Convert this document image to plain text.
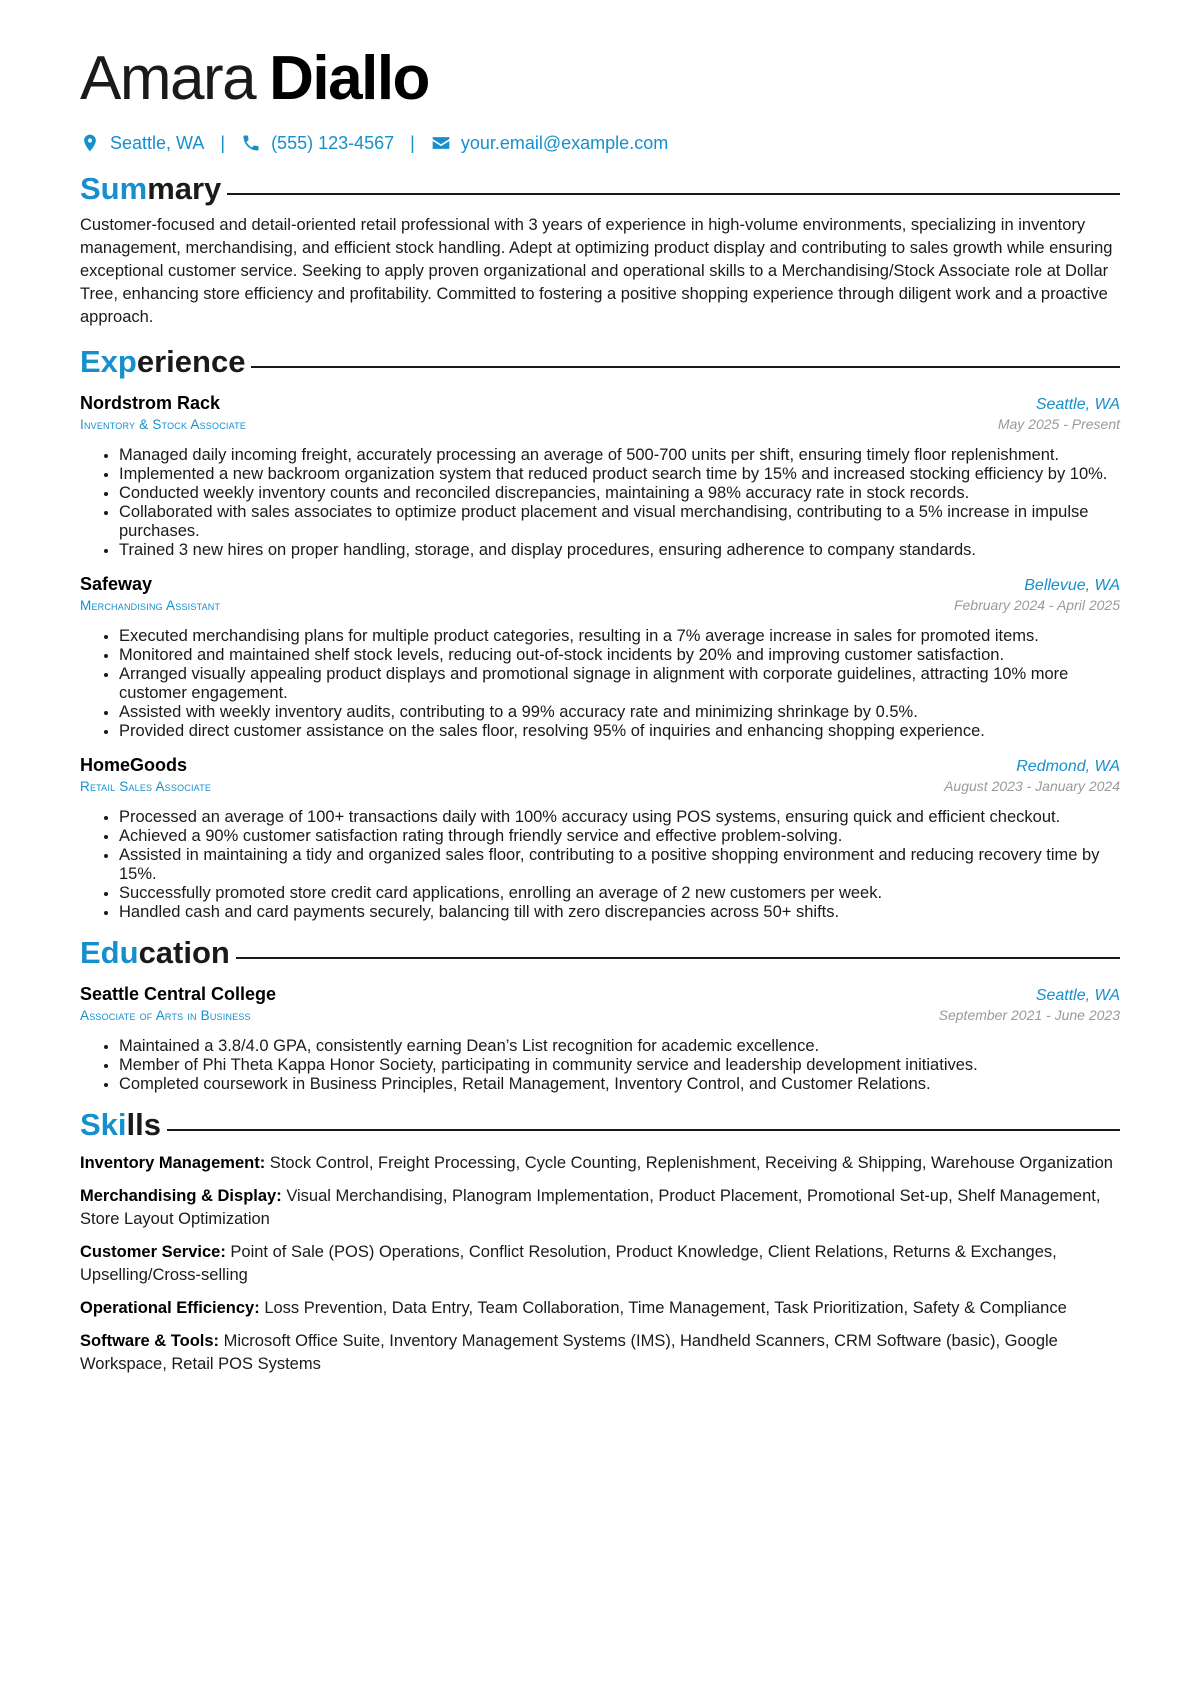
Amara Diallo
Seattle, WA |	(555) 123-4567 |	your.email@example.com
Summary

Customer-focused and detail-oriented retail professional with 3 years of experience in high-volume environments, specializing in inventory management, merchandising, and efficient stock handling. Adept at optimizing product display and contributing to sales growth while ensuring exceptional customer service. Seeking to apply proven organizational and operational skills to a Merchandising/Stock Associate role at Dollar Tree, enhancing store efficiency and profitability. Committed to fostering a positive shopping experience through diligent work and a proactive approach.

Experience
Nordstrom Rack	Seattle, WA
Inventory & Stock Associate	May 2025 - Present
• Managed daily incoming freight, accurately processing an average of 500-700 units per shift, ensuring timely floor replenishment.
• Implemented a new backroom organization system that reduced product search time by 15% and increased stocking efficiency by 10%.
• Conducted weekly inventory counts and reconciled discrepancies, maintaining a 98% accuracy rate in stock records.
• Collaborated with sales associates to optimize product placement and visual merchandising, contributing to a 5% increase in impulse purchases.
• Trained 3 new hires on proper handling, storage, and display procedures, ensuring adherence to company standards.
Safeway	Bellevue, WA
Merchandising Assistant	February 2024 - April 2025
• Executed merchandising plans for multiple product categories, resulting in a 7% average increase in sales for promoted items.
• Monitored and maintained shelf stock levels, reducing out-of-stock incidents by 20% and improving customer satisfaction.
• Arranged visually appealing product displays and promotional signage in alignment with corporate guidelines, attracting 10% more customer engagement.
• Assisted with weekly inventory audits, contributing to a 99% accuracy rate and minimizing shrinkage by 0.5%.
• Provided direct customer assistance on the sales floor, resolving 95% of inquiries and enhancing shopping experience.
HomeGoods	Redmond, WA
Retail Sales Associate	August 2023 - January 2024
• Processed an average of 100+ transactions daily with 100% accuracy using POS systems, ensuring quick and efficient checkout.
• Achieved a 90% customer satisfaction rating through friendly service and effective problem-solving.
• Assisted in maintaining a tidy and organized sales floor, contributing to a positive shopping environment and reducing recovery time by 15%.
• Successfully promoted store credit card applications, enrolling an average of 2 new customers per week.
• Handled cash and card payments securely, balancing till with zero discrepancies across 50+ shifts.
Education
Seattle Central College	Seattle, WA
Associate of Arts in Business	September 2021 - June 2023
• Maintained a 3.8/4.0 GPA, consistently earning Dean’s List recognition for academic excellence.
• Member of Phi Theta Kappa Honor Society, participating in community service and leadership development initiatives.
• Completed coursework in Business Principles, Retail Management, Inventory Control, and Customer Relations.
Skills
Inventory Management: Stock Control, Freight Processing, Cycle Counting, Replenishment, Receiving & Shipping, Warehouse Organization
Merchandising & Display: Visual Merchandising, Planogram Implementation, Product Placement, Promotional Set-up, Shelf Management, Store Layout Optimization
Customer Service: Point of Sale (POS) Operations, Conflict Resolution, Product Knowledge, Client Relations, Returns & Exchanges, Upselling/Cross-selling
Operational Efficiency: Loss Prevention, Data Entry, Team Collaboration, Time Management, Task Prioritization, Safety & Compliance
Software & Tools: Microsoft Office Suite, Inventory Management Systems (IMS), Handheld Scanners, CRM Software (basic), Google Workspace, Retail POS Systems
